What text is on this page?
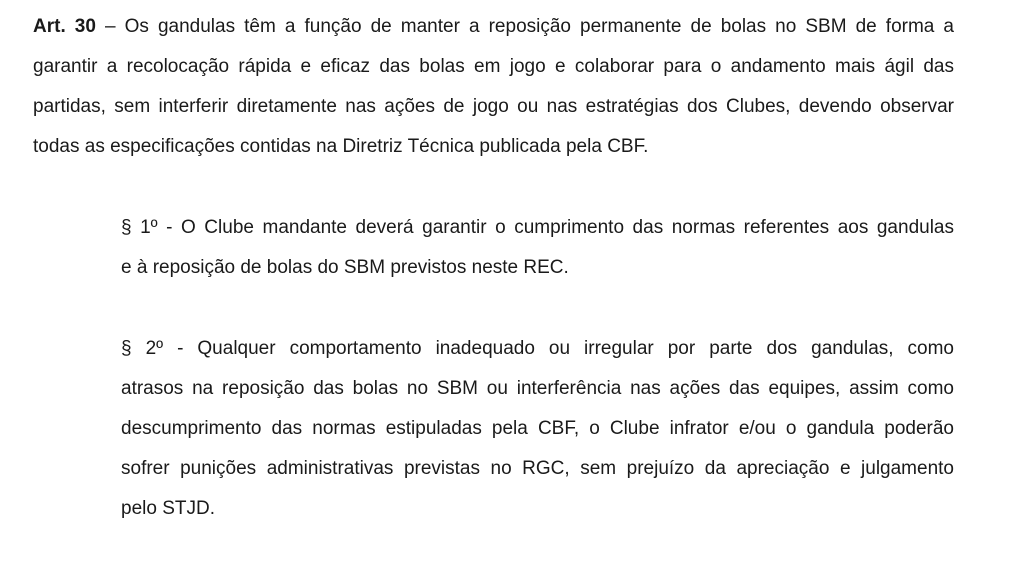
Art. 30 – Os gandulas têm a função de manter a reposição permanente de bolas no SBM de forma a
garantir a recolocação rápida e eficaz das bolas em jogo e colaborar para o andamento mais ágil das
partidas, sem interferir diretamente nas ações de jogo ou nas estratégias dos Clubes, devendo observar
todas as especificações contidas na Diretriz Técnica publicada pela CBF.
§ 1º - O Clube mandante deverá garantir o cumprimento das normas referentes aos gandulas
e à reposição de bolas do SBM previstos neste REC.
§ 2º - Qualquer comportamento inadequado ou irregular por parte dos gandulas, como
atrasos na reposição das bolas no SBM ou interferência nas ações das equipes, assim como
descumprimento das normas estipuladas pela CBF, o Clube infrator e/ou o gandula poderão
sofrer punições administrativas previstas no RGC, sem prejuízo da apreciação e julgamento
pelo STJD.
